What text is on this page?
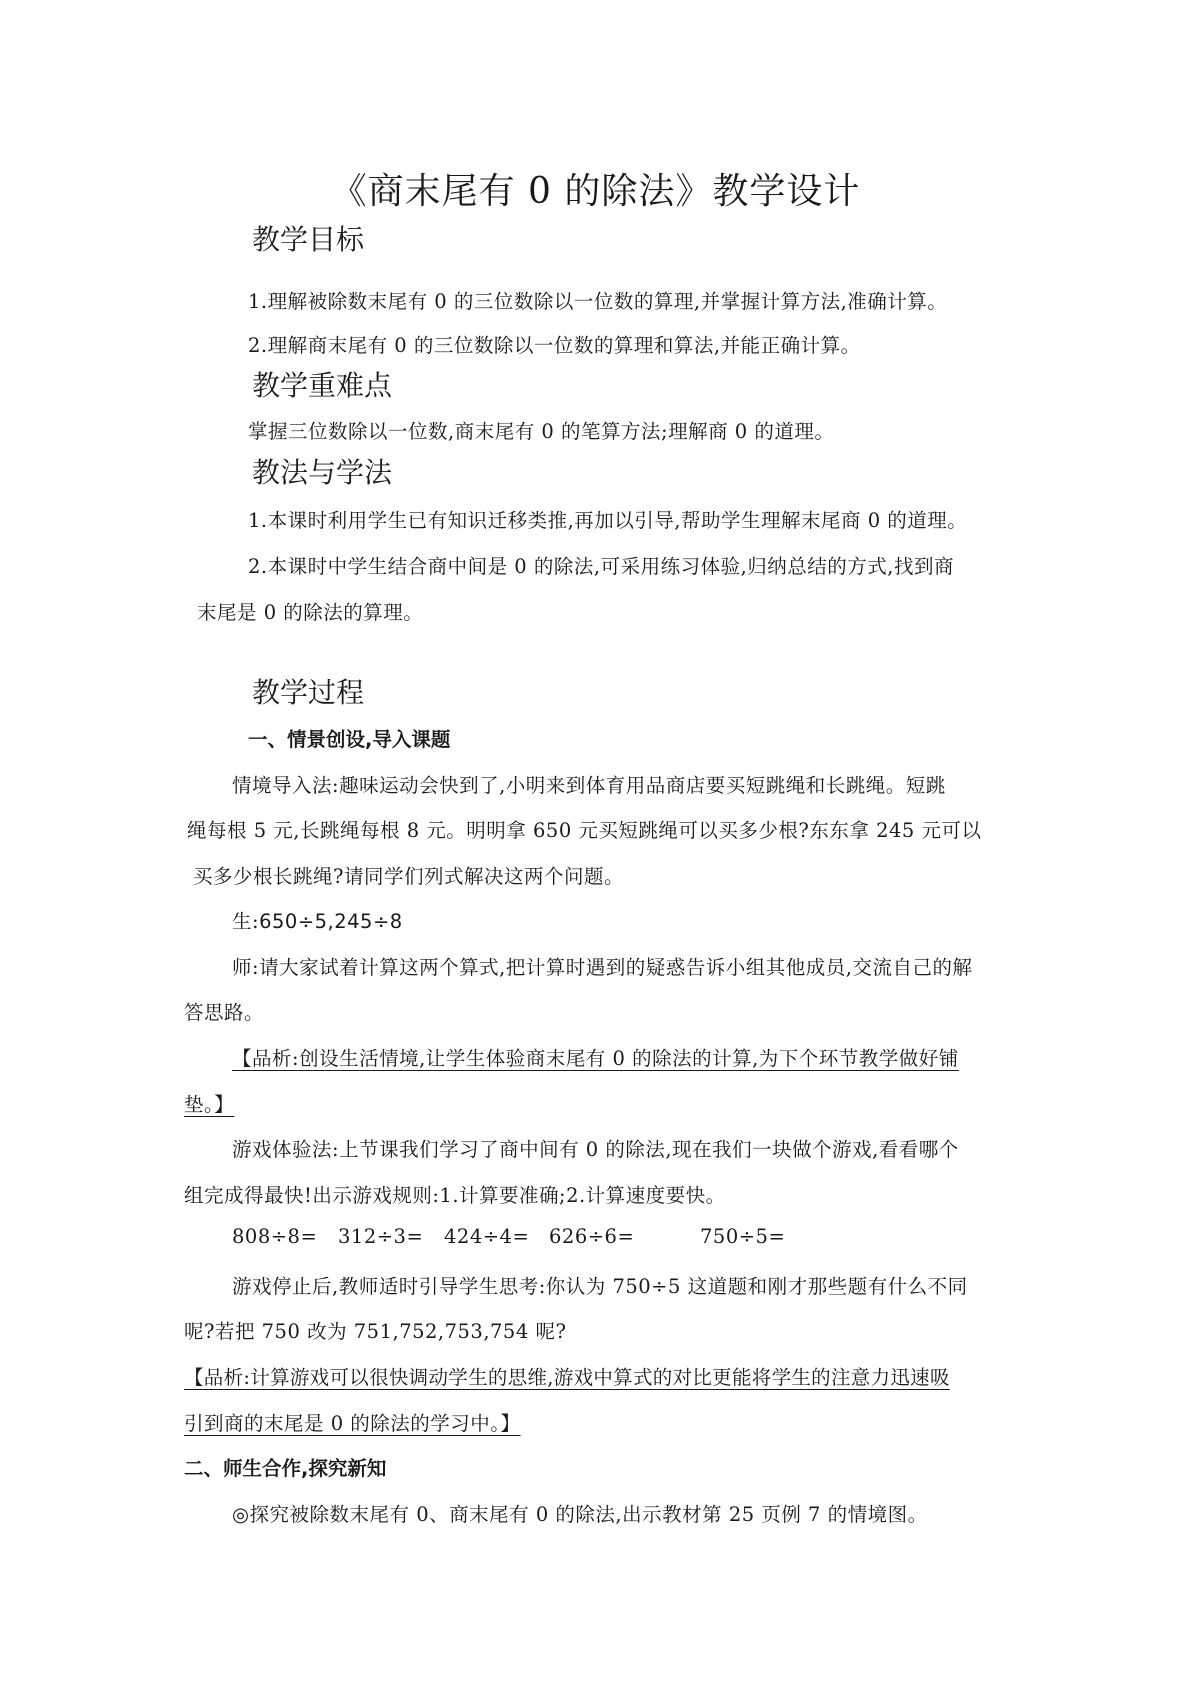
《商末尾有 0 的除法》教学设计
教学目标
1.理解被除数末尾有 0 的三位数除以一位数的算理,并掌握计算方法,准确计算。
2.理解商末尾有 0 的三位数除以一位数的算理和算法,并能正确计算。
教学重难点
掌握三位数除以一位数,商末尾有 0 的笔算方法;理解商 0 的道理。
教法与学法
1.本课时利用学生已有知识迁移类推,再加以引导,帮助学生理解末尾商 0 的道理。
2.本课时中学生结合商中间是 0 的除法,可采用练习体验,归纳总结的方式,找到商
末尾是 0 的除法的算理。
教学过程
一、情景创设,导入课题
情境导入法:趣味运动会快到了,小明来到体育用品商店要买短跳绳和长跳绳。短跳
绳每根 5 元,长跳绳每根 8 元。明明拿 650 元买短跳绳可以买多少根?东东拿 245 元可以
买多少根长跳绳?请同学们列式解决这两个问题。
生:650÷5,245÷8
师:请大家试着计算这两个算式,把计算时遇到的疑惑告诉小组其他成员,交流自己的解
答思路。
【品析:创设生活情境,让学生体验商末尾有 0 的除法的计算,为下个环节教学做好铺
垫。】
游戏体验法:上节课我们学习了商中间有 0 的除法,现在我们一块做个游戏,看看哪个
组完成得最快!出示游戏规则:1.计算要准确;2.计算速度要快。
808÷8= 312÷3= 424÷4= 626÷6=	750÷5=
游戏停止后,教师适时引导学生思考:你认为 750÷5 这道题和刚才那些题有什么不同
呢?若把 750 改为 751,752,753,754 呢?
【品析:计算游戏可以很快调动学生的思维,游戏中算式的对比更能将学生的注意力迅速吸
引到商的末尾是 0 的除法的学习中。】
二、师生合作,探究新知
◎探究被除数末尾有 0、商末尾有 0 的除法,出示教材第 25 页例 7 的情境图。
